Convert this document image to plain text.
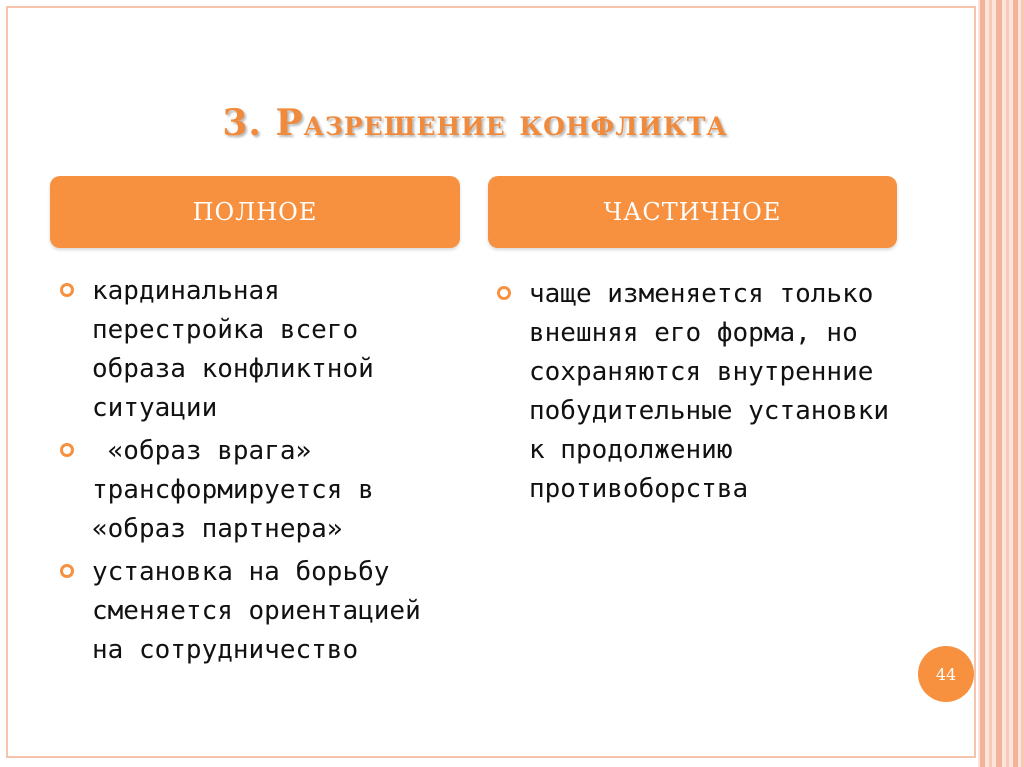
3. Разрешение конфликта
ПОЛНОЕ	ЧАСТИЧНОЕ
кардинальная перестройка всего образа конфликтной ситуации
«образ врага» трансформируется в «образ партнера»
установка на борьбу сменяется ориентацией на сотрудничество
чаще изменяется только внешняя его форма, но сохраняются внутренние побудительные установки к продолжению противоборства
44
